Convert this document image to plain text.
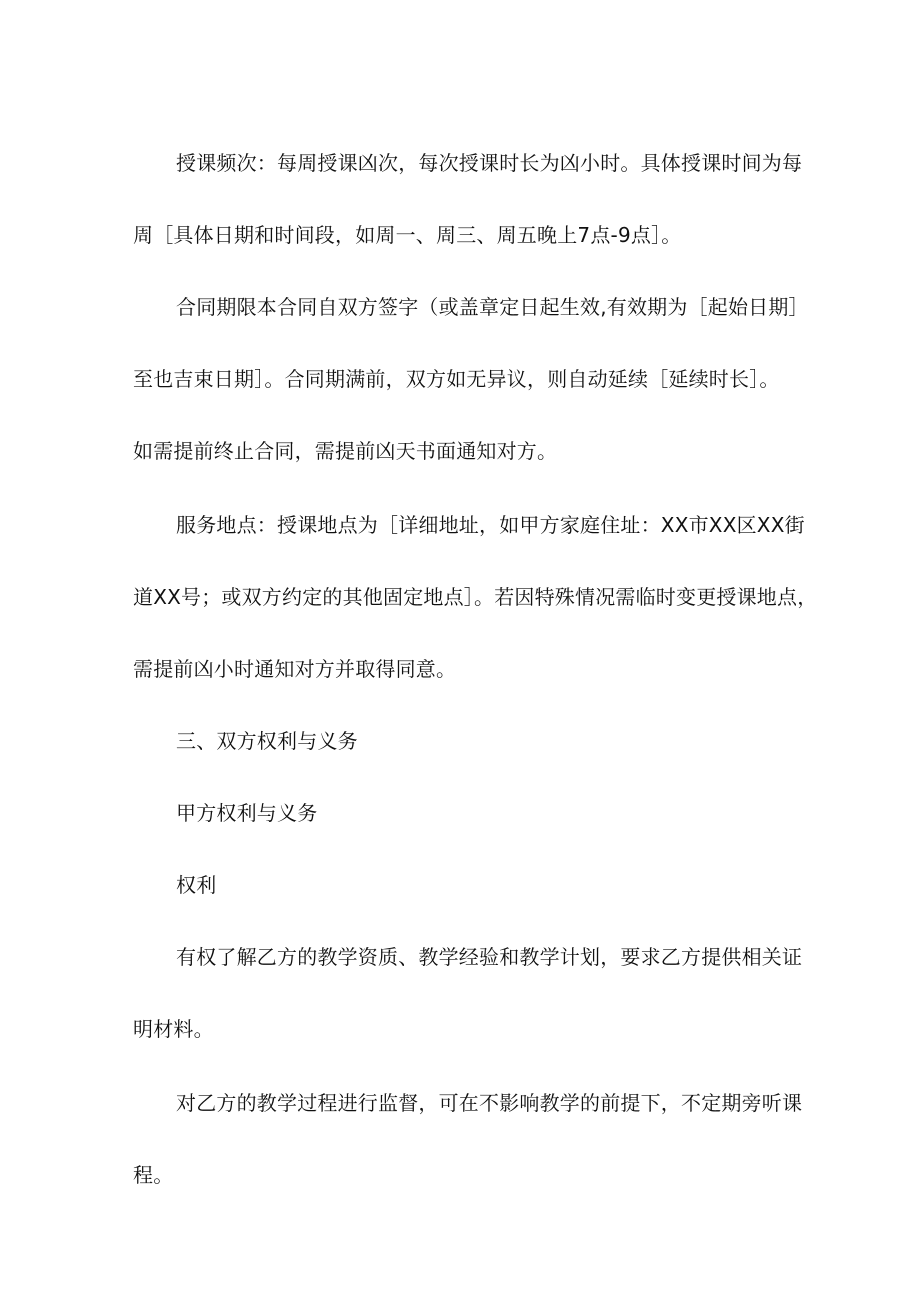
授课频次：每周授课凶次，每次授课时长为凶小时。具体授课时间为每
周［具体日期和时间段，如周一、周三、周五晚上7点-9点］。
合同期限本合同自双方签字（或盖章定日起生效,有效期为［起始日期］
至也吉束日期］。合同期满前，双方如无异议，则自动延续［延续时长］。
如需提前终止合同，需提前凶天书面通知对方。
服务地点：授课地点为［详细地址，如甲方家庭住址：XX市XX区XX街
道XX号；或双方约定的其他固定地点］。若因特殊情况需临时变更授课地点，
需提前凶小时通知对方并取得同意。
三、双方权利与义务
甲方权利与义务
权利
有权了解乙方的教学资质、教学经验和教学计划，要求乙方提供相关证
明材料。
对乙方的教学过程进行监督，可在不影响教学的前提下，不定期旁听课
程。
